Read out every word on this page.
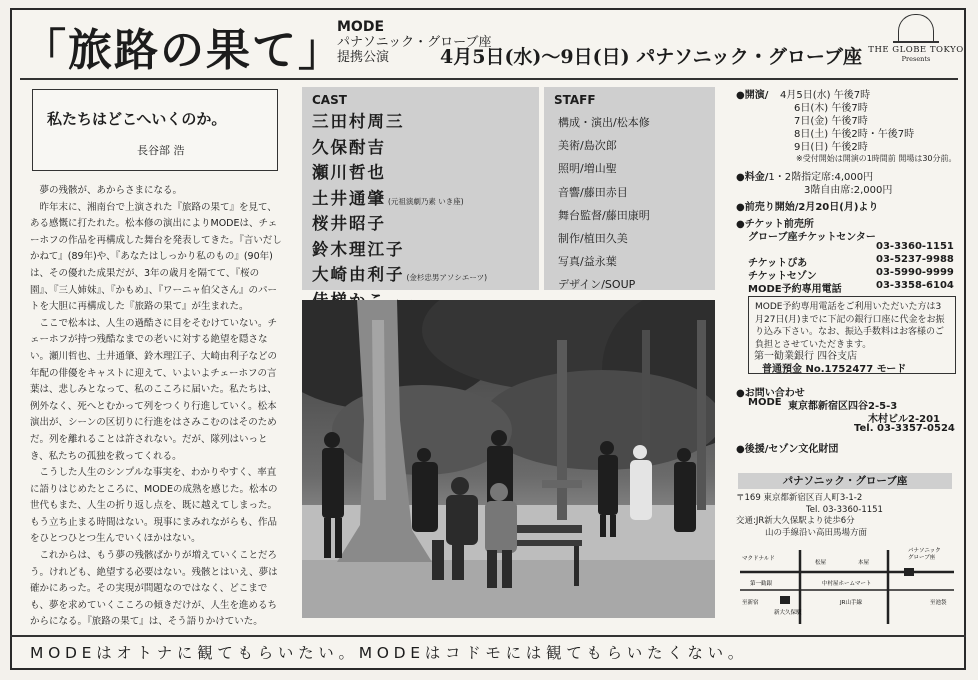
「旅路の果て」
MODE
パナソニック・グローブ座
提携公演	4月5日(水)〜9日(日) パナソニック・グローブ座 THE GLOBE TOKYO
Presents
私たちはどこへいくのか。
長谷部 浩

夢の残骸が、あからさまになる。

昨年末に、湘南台で上演された『旅路の果て』を見て、ある感慨に打たれた。松本修の演出によりMODEは、チェーホフの作品を再構成した舞台を発表してきた。『言いだしかねて』(89年)や、『あなたはしっかり私のもの』(90年)は、その優れた成果だが、3年の歳月を隔てて、『桜の園』、『三人姉妹』、『かもめ』、『ワーニャ伯父さん』のパートを大胆に再構成した『旅路の果て』が生まれた。

ここで松本は、人生の過酷さに目をそむけていない。チェーホフが持つ残酷なまでの老いに対する絶望を隠さない。瀬川哲也、土井通肇、鈴木理江子、大崎由利子などの年配の俳優をキャストに迎えて、いよいよチェーホフの言葉は、悲しみとなって、私のこころに届いた。私たちは、例外なく、死へとむかって列をつくり行進していく。松本演出が、シーンの区切りに行進をはさみこむのはそのためだ。列を離れることは許されない。だが、隊列はいっとき、私たちの孤独を救ってくれる。

こうした人生のシンプルな事実を、わかりやすく、率直に語りはじめたところに、MODEの成熟を感じた。松本の世代もまた、人生の折り返し点を、既に越えてしまった。もう立ち止まる時間はない。現事にまみれながらも、作品をひとつひとつ生んでいくほかはない。

これからは、もう夢の残骸ばかりが増えていくことだろう。けれども、絶望する必要はない。残骸とはいえ、夢は確かにあった。その実現が問題なのではなく、どこまでも、夢を求めていくこころの傾きだけが、人生を進めるちからになる。『旅路の果て』は、そう語りかけていた。

CAST
三田村周三
久保酎吉
瀬川哲也
土井通肇 (元祖演劇乃素 いき座)
桜井昭子
鈴木理江子
大崎由利子 (金杉忠男アソシエーツ)
STAFF
構成・演出/松本修
美術/島次郎
照明/増山聖
音響/藤田赤目
舞台監督/藤田康明
制作/植田久美
写真/益永葉
デザイン/SOUP
●開演/ 4月5日(水) 午後7時
6日(木) 午後7時
7日(金) 午後7時
8日(土) 午後2時・午後7時
9日(日) 午後2時
※受付開始は開演の1時間前 開場は30分前。
●料金/1・2階指定席:4,000円
3階自由席:2,000円
●前売り開始/2月20日(月)より
●チケット前売所
グローブ座チケットセンター
03-3360-1151
チケットぴあ	03-5237-9988
チケットセゾン	03-5990-9999
MODE予約専用電話	03-3358-6104
MODE予約専用電話をご利用いただいた方は3月27日(月)までに下記の銀行口座に代金をお振り込み下さい。なお、振込手数料はお客様のご負担とさせていただきます。
第一勧業銀行 四谷支店
普通預金 No.1752477 モード
●お問い合わせ
MODE 東京都新宿区四谷2-5-3
木村ビル2-201
Tel. 03-3357-0524
●後援/セゾン文化財団
パナソニック・グローブ座
〒169 東京都新宿区百人町3-1-2
Tel. 03-3360-1151
交通:JR新大久保駅より徒歩6分
山の手線沿い高田馬場方面
マクドナルド
松屋	本屋
パナソニック
グローブ座
第一勧銀	中村屋ホームマート
JR山手線
至新宿
新大久保駅
至池袋
MODEはオトナに観てもらいたい。MODEはコドモには観てもらいたくない。
